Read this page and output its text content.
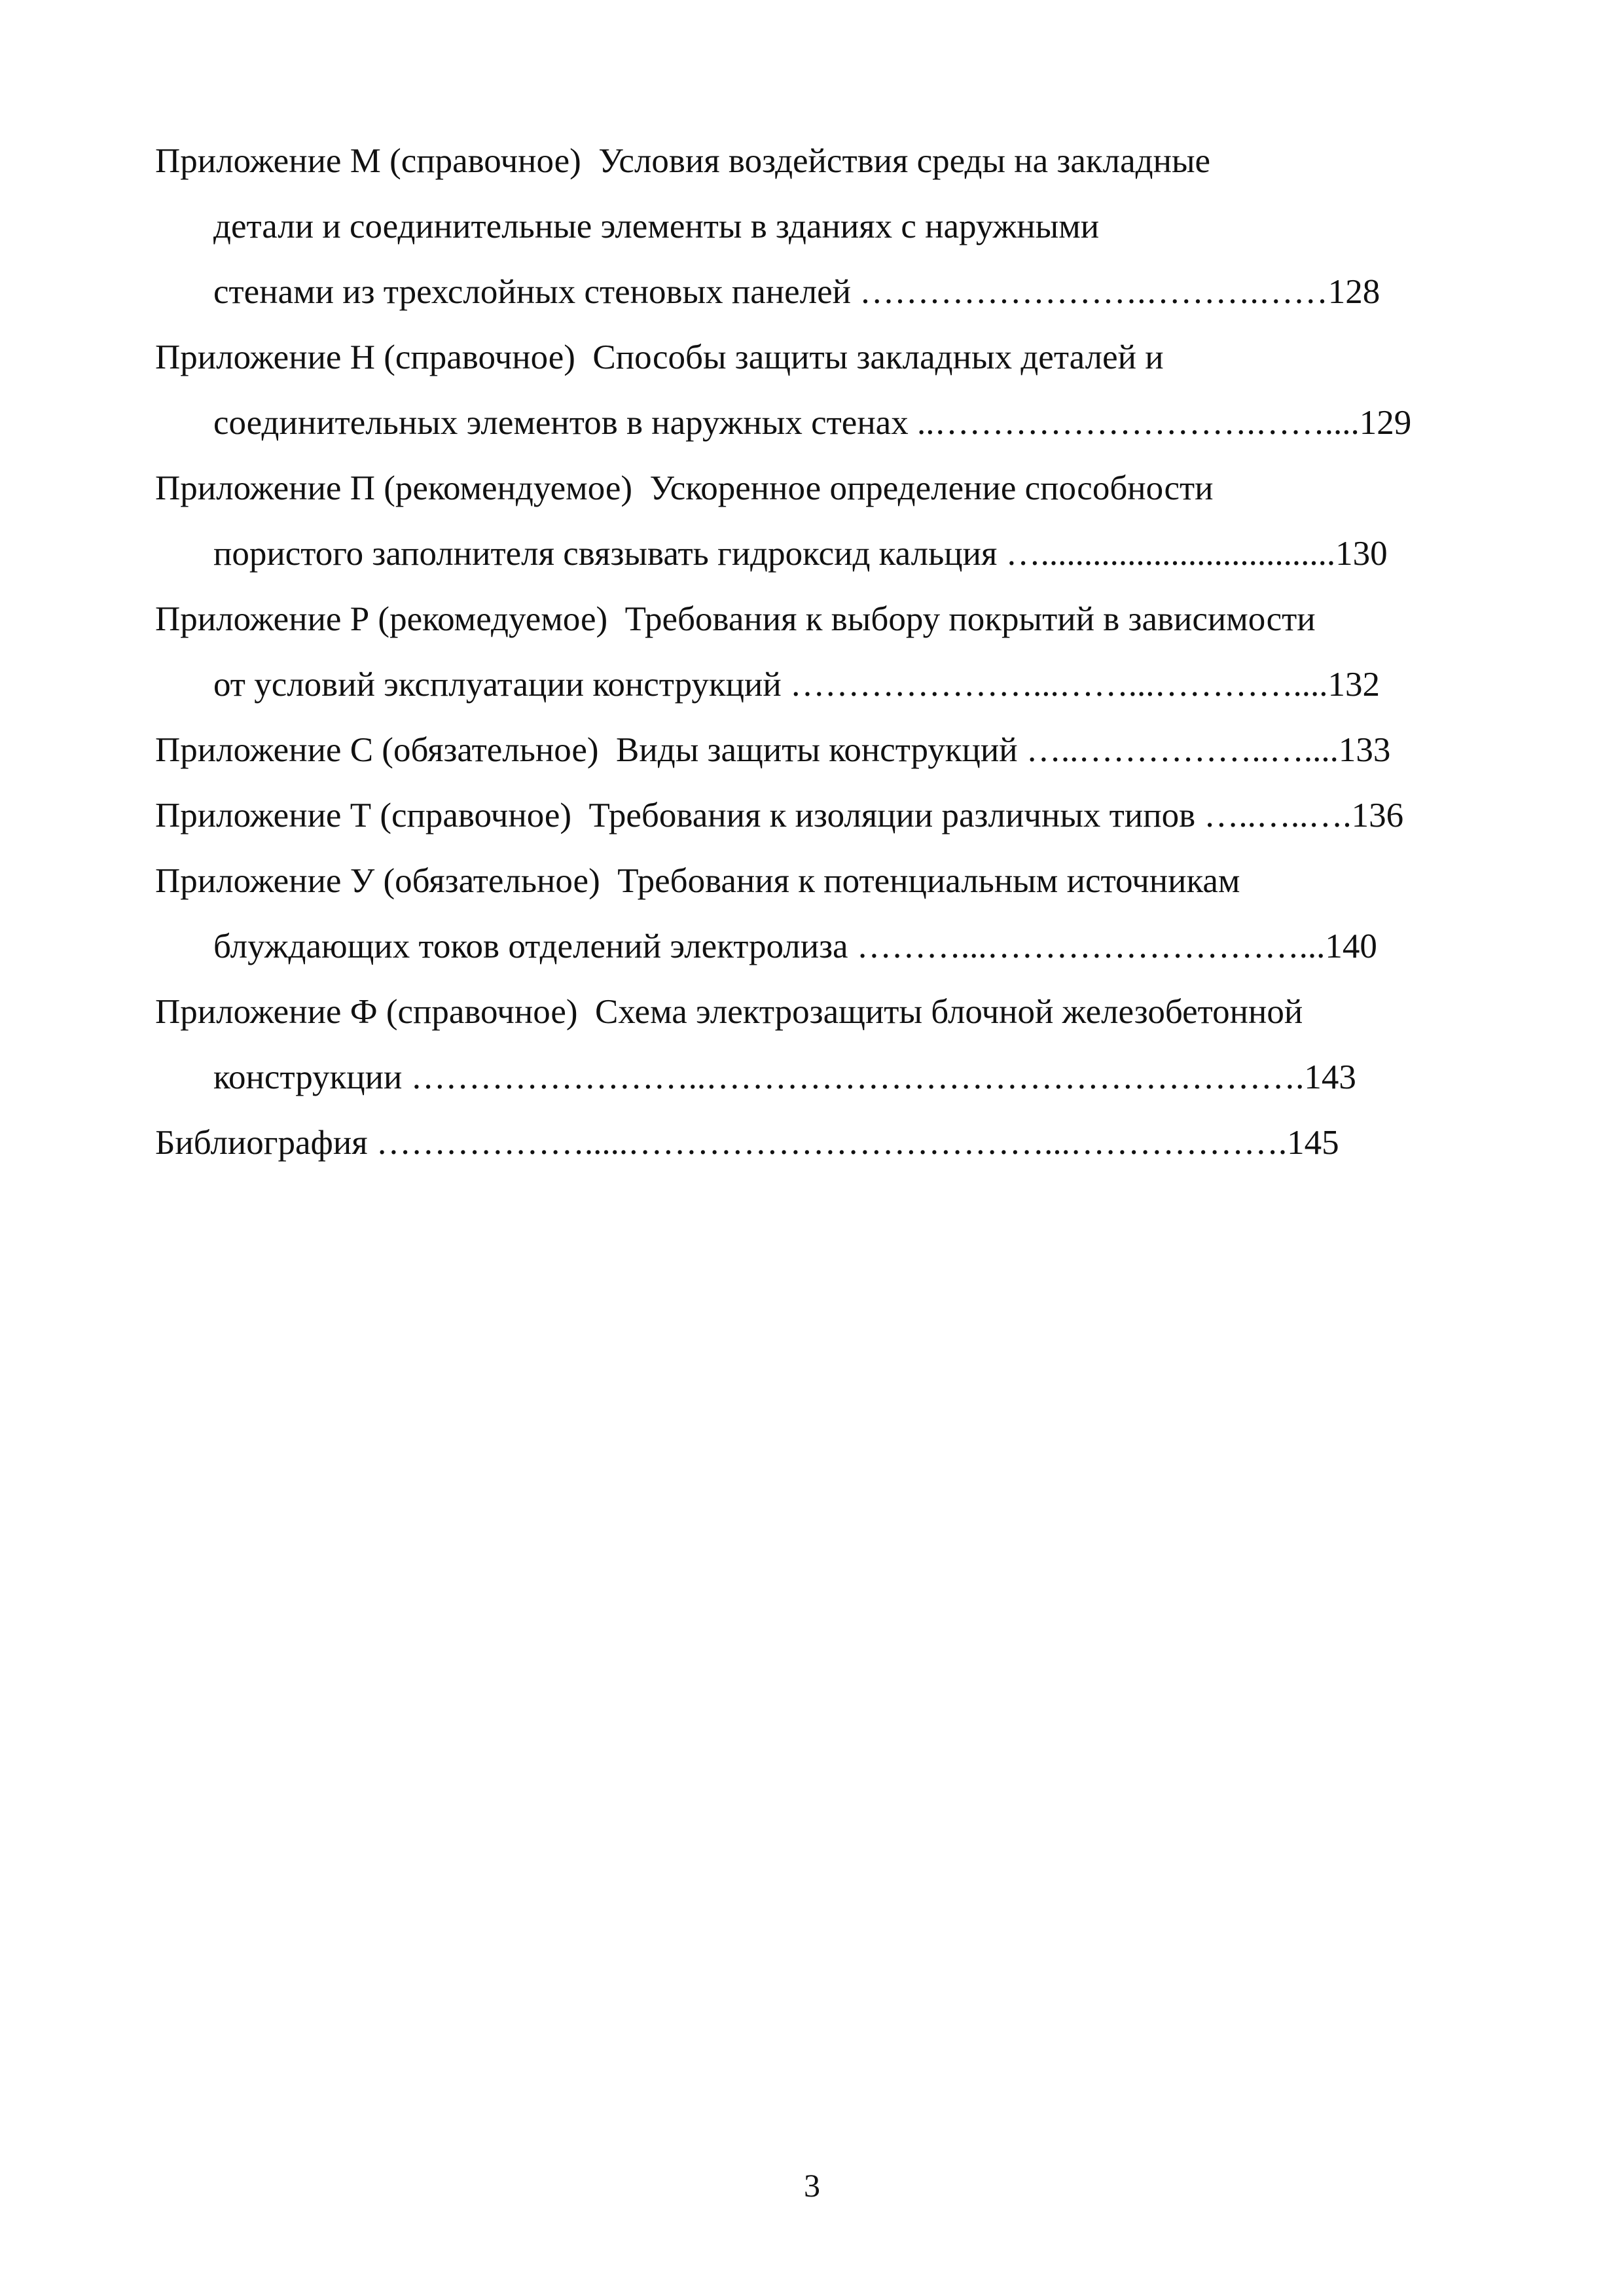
Приложение М (справочное)  Условия воздействия среды на закладные
детали и соединительные элементы в зданиях с наружными
стенами из трехслойных стеновых панелей …………………….……….……128
Приложение Н (справочное)  Способы защиты закладных деталей и
соединительных элементов в наружных стенах ..……………………….……....129
Приложение П (рекомендуемое)  Ускоренное определение способности
пористого заполнителя связывать гидроксид кальция …..................................130
Приложение Р (рекомедуемое)  Требования к выбору покрытий в зависимости
от условий эксплуатации конструкций …………………...……...…………....132
Приложение С (обязательное)  Виды защиты конструкций …..……………..…....133
Приложение Т (справочное)  Требования к изоляции различных типов …..…..….136
Приложение У (обязательное)  Требования к потенциальным источникам
блуждающих токов отделений электролиза ………...………………………...140
Приложение Ф (справочное)  Схема электрозащиты блочной железобетонной
конструкции ……………………..…………………………………………….143
Библиография ……………….....………………………………...……………….145
3
